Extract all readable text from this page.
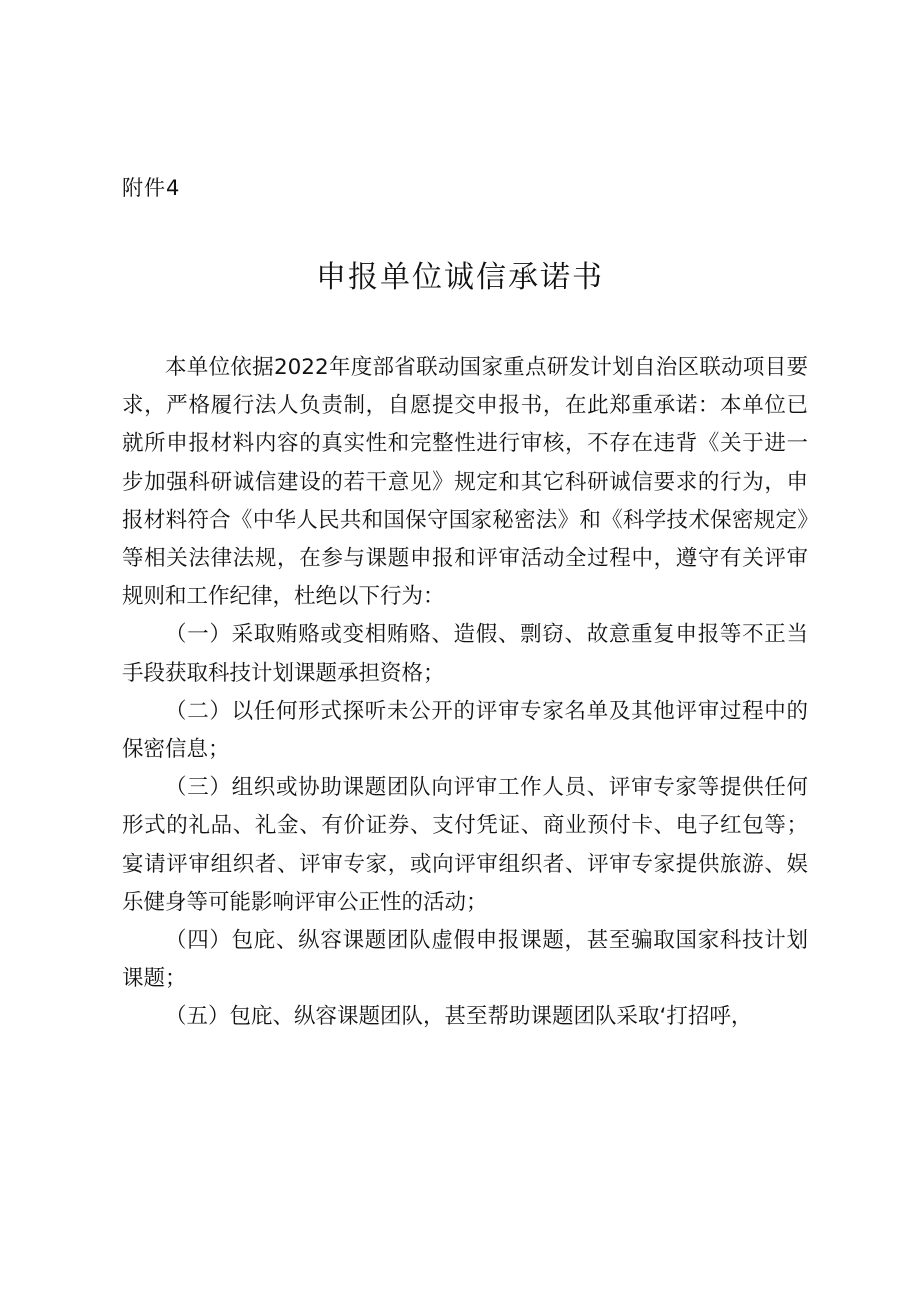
附件4
申报单位诚信承诺书

本单位依据2022年度部省联动国家重点研发计划自治区联动项目要求，严格履行法人负责制，自愿提交申报书，在此郑重承诺：本单位已就所申报材料内容的真实性和完整性进行审核，不存在违背《关于进一步加强科研诚信建设的若干意见》规定和其它科研诚信要求的行为，申报材料符合《中华人民共和国保守国家秘密法》和《科学技术保密规定》等相关法律法规，在参与课题申报和评审活动全过程中，遵守有关评审规则和工作纪律，杜绝以下行为：

（一）采取贿赂或变相贿赂、造假、剽窃、故意重复申报等不正当手段获取科技计划课题承担资格；

（二）以任何形式探听未公开的评审专家名单及其他评审过程中的保密信息；

（三）组织或协助课题团队向评审工作人员、评审专家等提供任何形式的礼品、礼金、有价证券、支付凭证、商业预付卡、电子红包等；宴请评审组织者、评审专家，或向评审组织者、评审专家提供旅游、娱乐健身等可能影响评审公正性的活动；

（四）包庇、纵容课题团队虚假申报课题，甚至骗取国家科技计划课题；

（五）包庇、纵容课题团队，甚至帮助课题团队采取‘打招呼，
